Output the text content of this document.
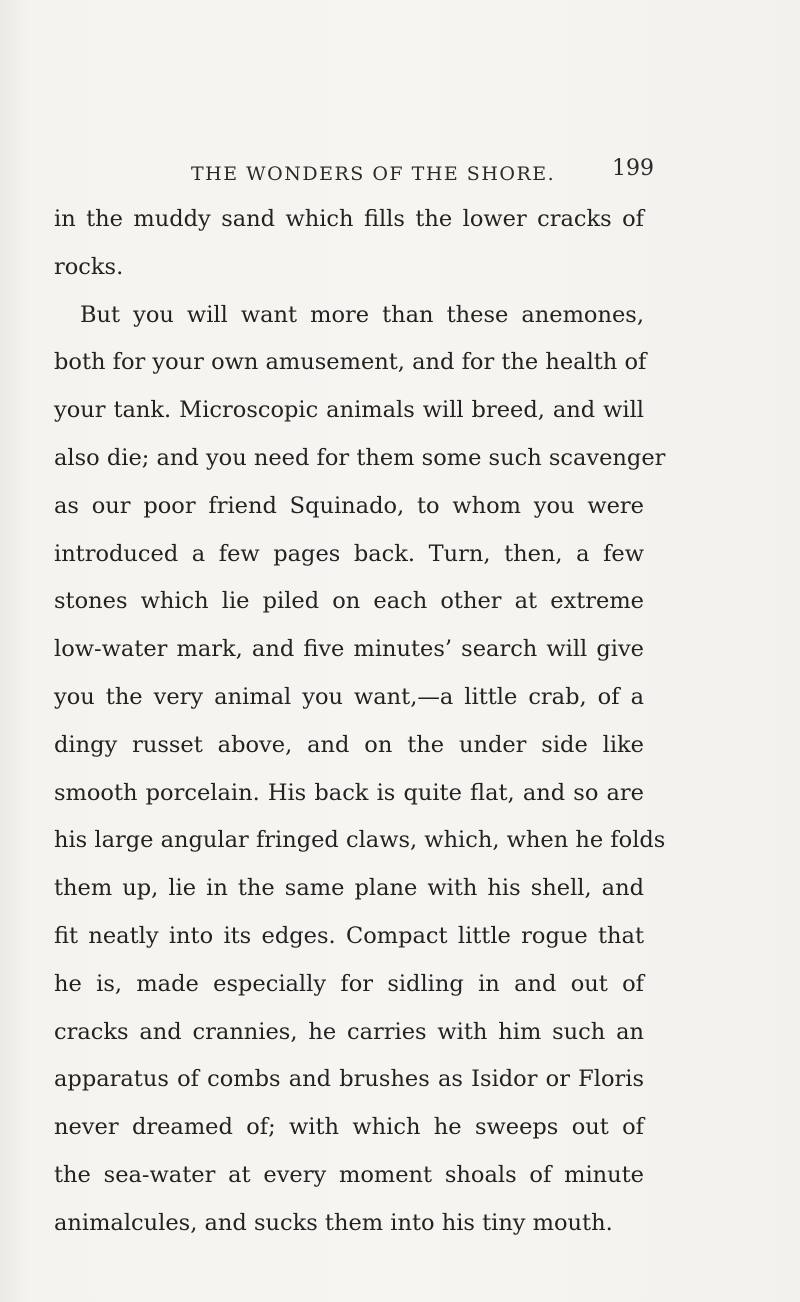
THE WONDERS OF THE SHORE.	199
in the muddy sand which fills the lower cracks of
rocks.
But you will want more than these anemones,
both for your own amusement, and for the health of
your tank. Microscopic animals will breed, and will
also die; and you need for them some such scavenger
as our poor friend Squinado, to whom you were
introduced a few pages back. Turn, then, a few
stones which lie piled on each other at extreme
low-water mark, and five minutes’ search will give
you the very animal you want,—a little crab, of a
dingy russet above, and on the under side like
smooth porcelain. His back is quite flat, and so are
his large angular fringed claws, which, when he folds
them up, lie in the same plane with his shell, and
fit neatly into its edges. Compact little rogue that
he is, made especially for sidling in and out of
cracks and crannies, he carries with him such an
apparatus of combs and brushes as Isidor or Floris
never dreamed of; with which he sweeps out of
the sea-water at every moment shoals of minute
animalcules, and sucks them into his tiny mouth.
